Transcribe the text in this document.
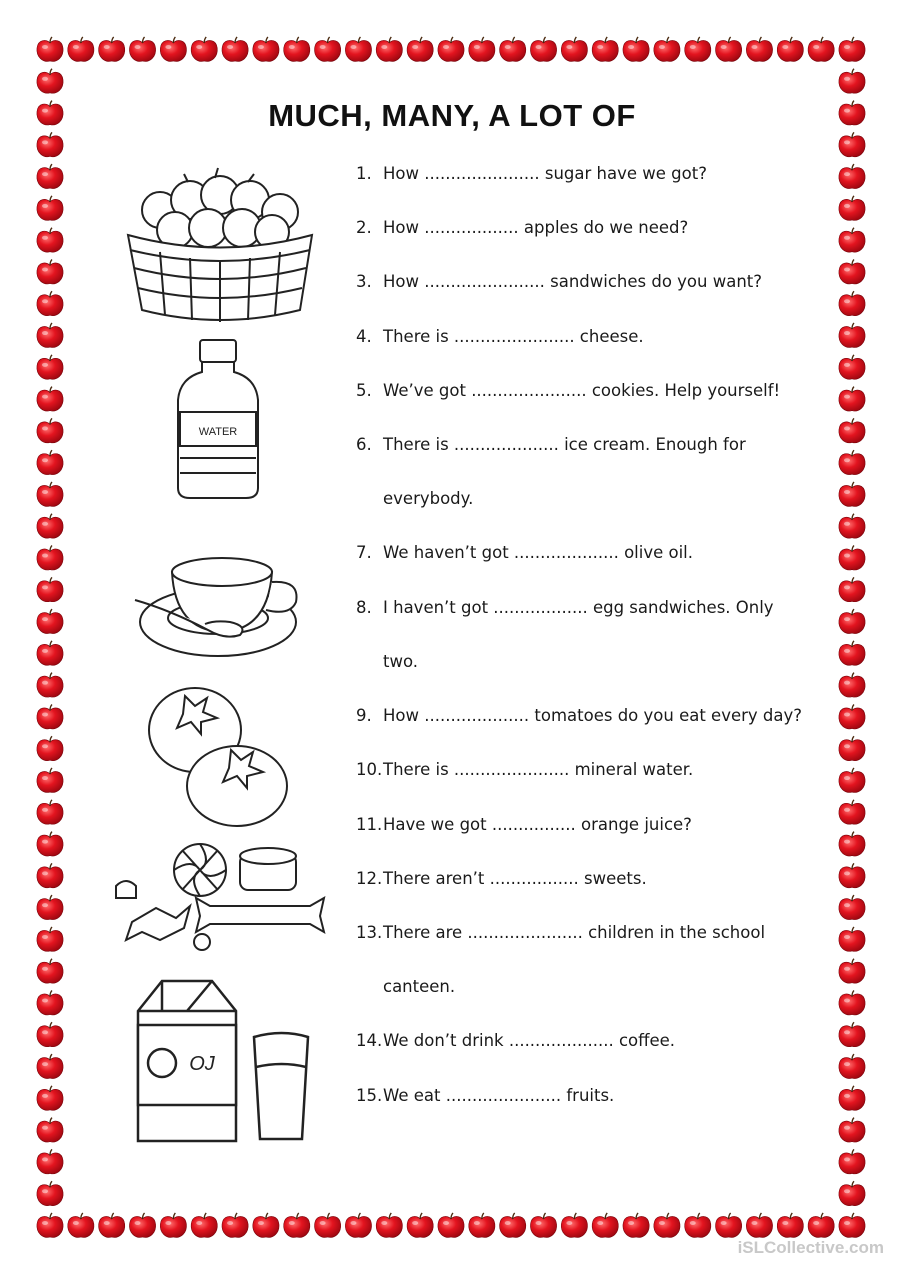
MUCH, MANY, A LOT OF
1. How ...................... sugar have we got?
2. How .................. apples do we need?
3. How ....................... sandwiches do you want?
4. There is ....................... cheese.
5. We’ve got ...................... cookies. Help yourself!
6. There is .................... ice cream. Enough for
everybody.
7. We haven’t got .................... olive oil.
8. I haven’t got .................. egg sandwiches. Only
two.
9. How .................... tomatoes do you eat every day?
10.There is ...................... mineral water.
11.Have we got ................ orange juice?
12.There aren’t ................. sweets.
13.There are ...................... children in the school
canteen.
14.We don’t drink .................... coffee.
15.We eat ...................... fruits.
WATER
OJ
iSLCollective.com
